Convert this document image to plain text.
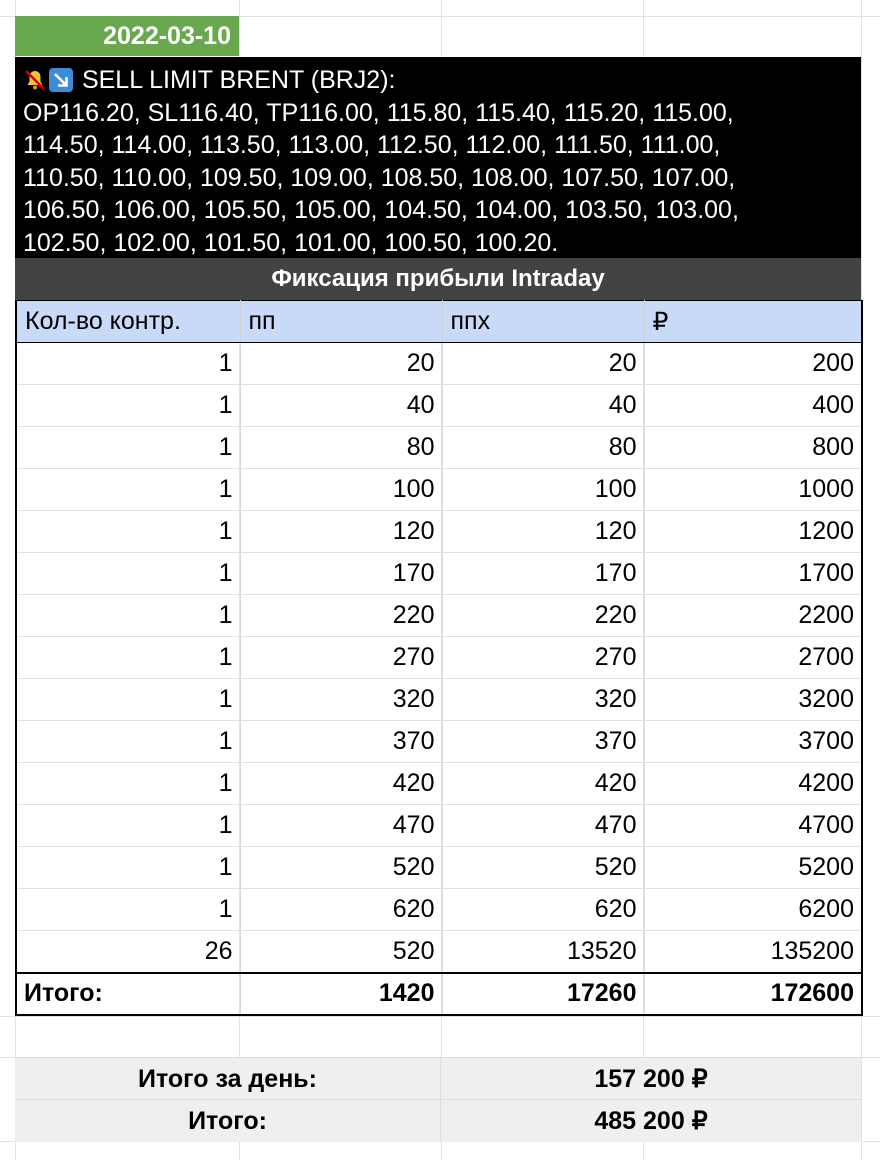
2022-03-10
SELL LIMIT BRENT (BRJ2):
OP116.20, SL116.40, TP116.00, 115.80, 115.40, 115.20, 115.00,
114.50, 114.00, 113.50, 113.00, 112.50, 112.00, 111.50, 111.00,
110.50, 110.00, 109.50, 109.00, 108.50, 108.00, 107.50, 107.00,
106.50, 106.00, 105.50, 105.00, 104.50, 104.00, 103.50, 103.00,
102.50, 102.00, 101.50, 101.00, 100.50, 100.20.
Фиксация прибыли Intraday
Кол-во контр.	пп	ппх	₽
1	20	20	200
1	40	40	400
1	80	80	800
1	100	100	1000
1	120	120	1200
1	170	170	1700
1	220	220	2200
1	270	270	2700
1	320	320	3200
1	370	370	3700
1	420	420	4200
1	470	470	4700
1	520	520	5200
1	620	620	6200
26	520	13520	135200
Итого:	1420	17260	172600
Итого за день:	157 200 ₽
Итого:	485 200 ₽
